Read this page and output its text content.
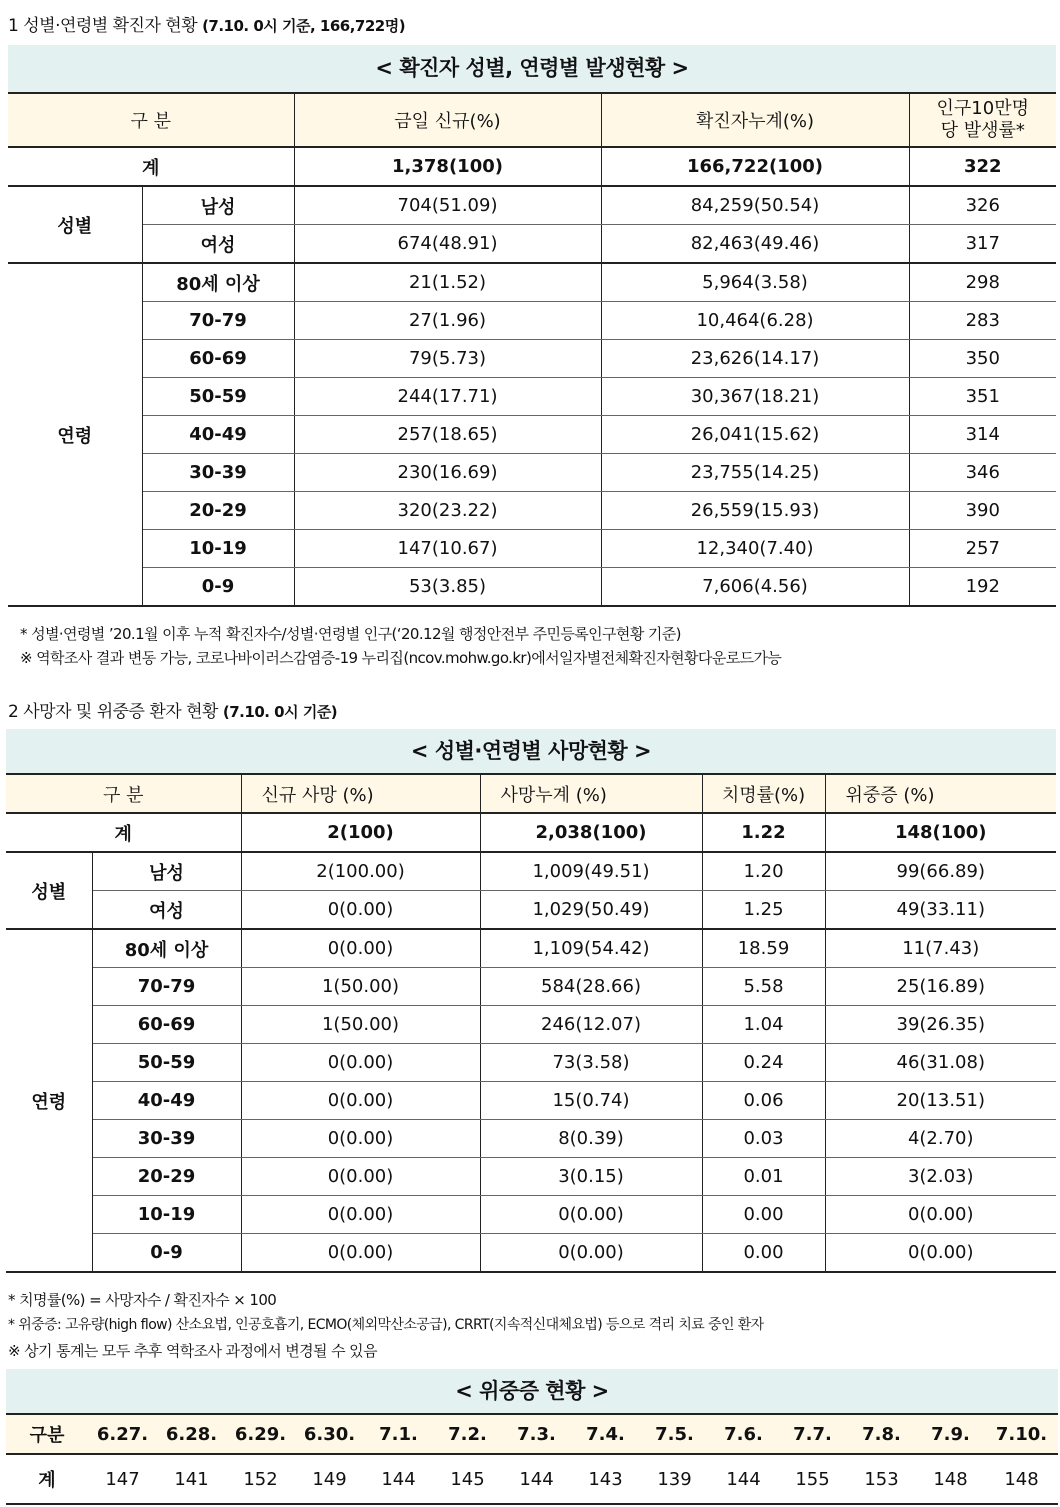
1 성별·연령별 확진자 현황 (7.10. 0시 기준, 166,722명)
< 확진자 성별, 연령별 발생현황 >
구 분		금일 신규(%)	확진자누계(%)	인구10만명당 발생률*
계		1,378(100)	166,722(100)	322
성별	남성	704(51.09)	84,259(50.54)	326
	여성	674(48.91)	82,463(49.46)	317
연령	80세 이상	21(1.52)	5,964(3.58)	298
	70-79	27(1.96)	10,464(6.28)	283
	60-69	79(5.73)	23,626(14.17)	350
	50-59	244(17.71)	30,367(18.21)	351
	40-49	257(18.65)	26,041(15.62)	314
	30-39	230(16.69)	23,755(14.25)	346
	20-29	320(23.22)	26,559(15.93)	390
	10-19	147(10.67)	12,340(7.40)	257
	0-9	53(3.85)	7,606(4.56)	192
* 성별·연령별 ’20.1월 이후 누적 확진자수/성별·연령별 인구(‘20.12월 행정안전부 주민등록인구현황 기준)
※ 역학조사 결과 변동 가능, 코로나바이러스감염증-19 누리집(ncov.mohw.go.kr)에서일자별전체확진자현황다운로드가능
2 사망자 및 위중증 환자 현황 (7.10. 0시 기준)
< 성별·연령별 사망현황 >
구 분		신규 사망 (%)	사망누계 (%)	치명률(%)	위중증 (%)
계		2(100)	2,038(100)	1.22	148(100)
성별	남성	2(100.00)	1,009(49.51)	1.20	99(66.89)
	여성	0(0.00)	1,029(50.49)	1.25	49(33.11)
연령	80세 이상	0(0.00)	1,109(54.42)	18.59	11(7.43)
	70-79	1(50.00)	584(28.66)	5.58	25(16.89)
	60-69	1(50.00)	246(12.07)	1.04	39(26.35)
	50-59	0(0.00)	73(3.58)	0.24	46(31.08)
	40-49	0(0.00)	15(0.74)	0.06	20(13.51)
	30-39	0(0.00)	8(0.39)	0.03	4(2.70)
	20-29	0(0.00)	3(0.15)	0.01	3(2.03)
	10-19	0(0.00)	0(0.00)	0.00	0(0.00)
	0-9	0(0.00)	0(0.00)	0.00	0(0.00)
* 치명률(%) = 사망자수 / 확진자수 × 100
* 위중증: 고유량(high flow) 산소요법, 인공호흡기, ECMO(체외막산소공급), CRRT(지속적신대체요법) 등으로 격리 치료 중인 환자
※ 상기 통계는 모두 추후 역학조사 과정에서 변경될 수 있음
< 위중증 현황 >
구분	6.27.	6.28.	6.29.	6.30.	7.1.	7.2.	7.3.	7.4.	7.5.	7.6.	7.7.	7.8.	7.9.	7.10.
계	147	141	152	149	144	145	144	143	139	144	155	153	148	148
